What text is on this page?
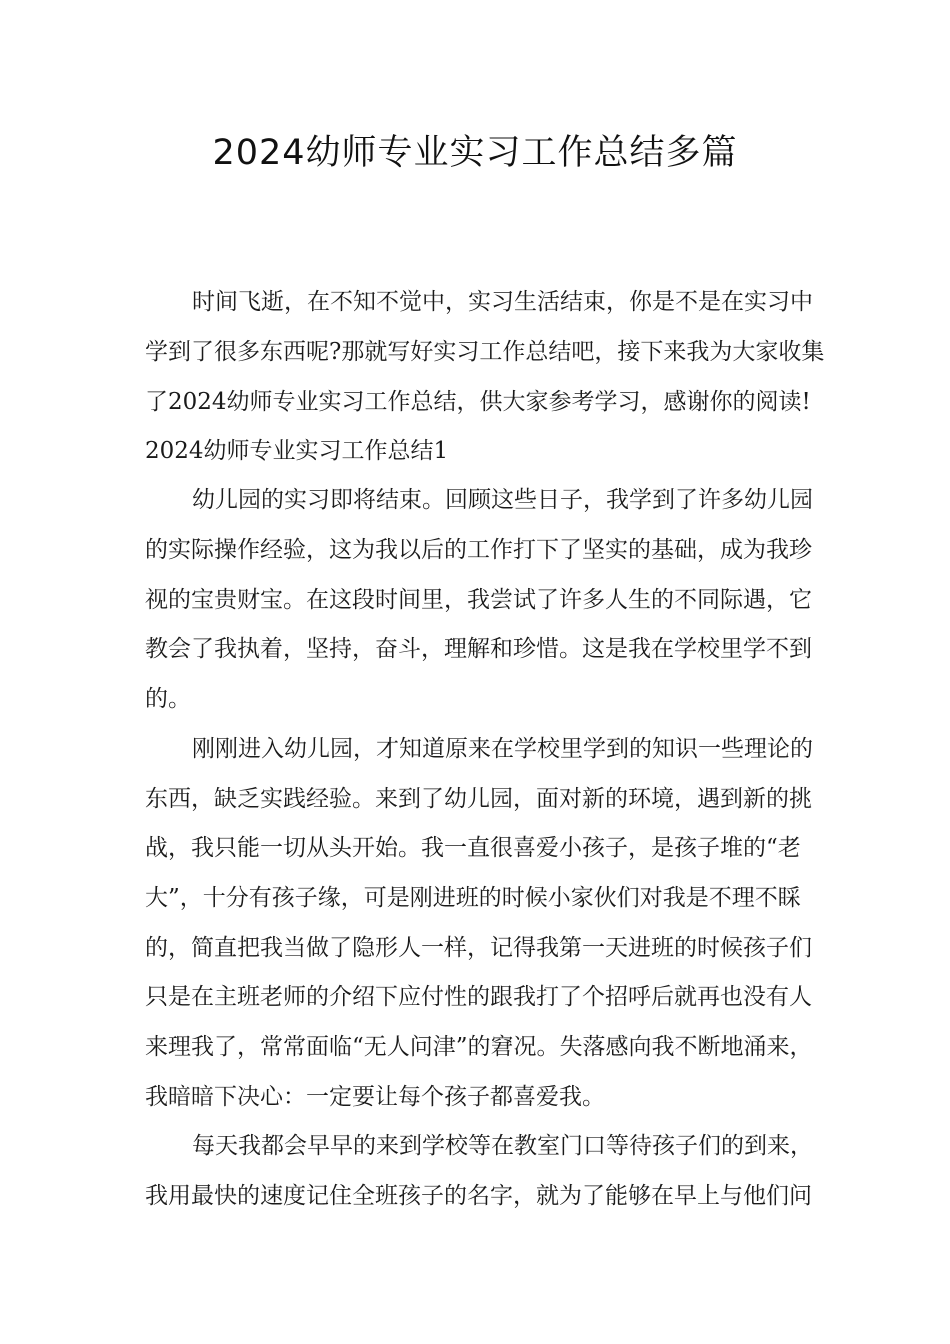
2024幼师专业实习工作总结多篇
时间飞逝，在不知不觉中，实习生活结束，你是不是在实习中
学到了很多东西呢?那就写好实习工作总结吧，接下来我为大家收集
了2024幼师专业实习工作总结，供大家参考学习，感谢你的阅读!
2024幼师专业实习工作总结1
幼儿园的实习即将结束。回顾这些日子，我学到了许多幼儿园
的实际操作经验，这为我以后的工作打下了坚实的基础，成为我珍
视的宝贵财宝。在这段时间里，我尝试了许多人生的不同际遇，它
教会了我执着，坚持，奋斗，理解和珍惜。这是我在学校里学不到
的。
刚刚进入幼儿园，才知道原来在学校里学到的知识一些理论的
东西，缺乏实践经验。来到了幼儿园，面对新的环境，遇到新的挑
战，我只能一切从头开始。我一直很喜爱小孩子，是孩子堆的“老
大”，十分有孩子缘，可是刚进班的时候小家伙们对我是不理不睬
的，简直把我当做了隐形人一样，记得我第一天进班的时候孩子们
只是在主班老师的介绍下应付性的跟我打了个招呼后就再也没有人
来理我了，常常面临“无人问津”的窘况。失落感向我不断地涌来，
我暗暗下决心：一定要让每个孩子都喜爱我。
每天我都会早早的来到学校等在教室门口等待孩子们的到来，
我用最快的速度记住全班孩子的名字，就为了能够在早上与他们问
